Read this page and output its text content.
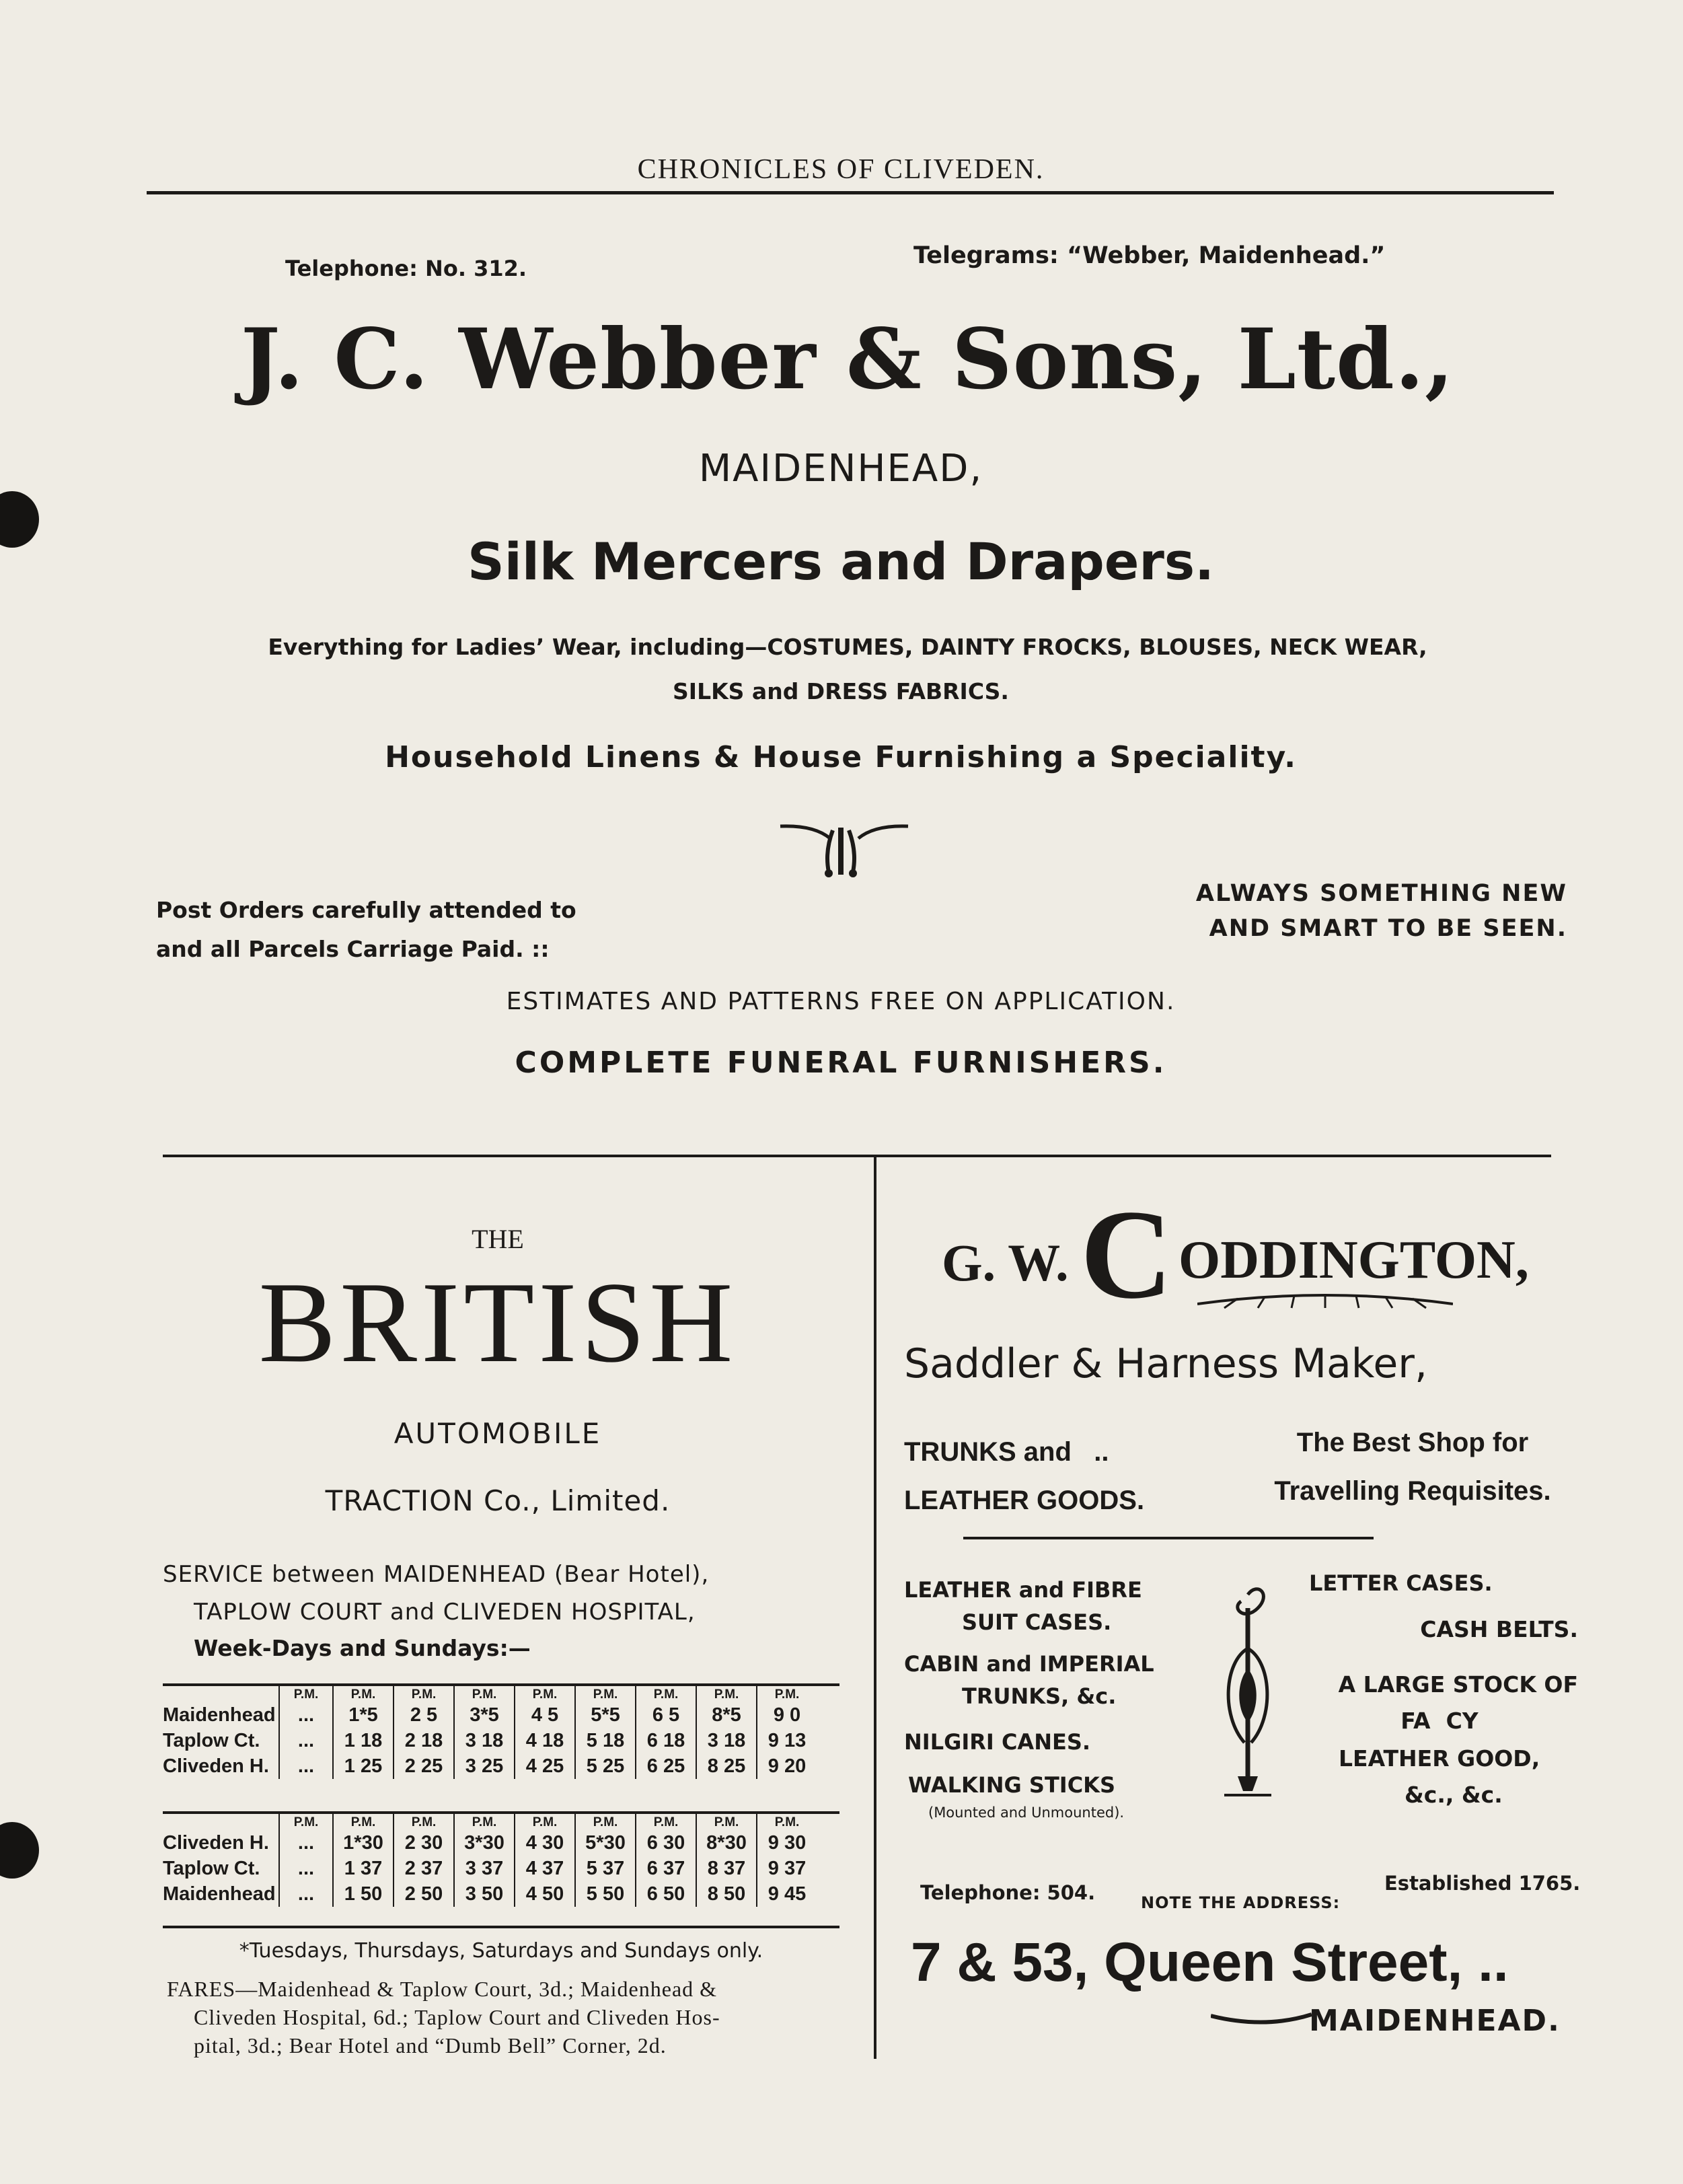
CHRONICLES OF CLIVEDEN.
Telephone: No. 312.	Telegrams: “Webber, Maidenhead.”
J. C. Webber & Sons, Ltd.,
MAIDENHEAD,
Silk Mercers and Drapers.
Everything for Ladies’ Wear, including—COSTUMES, DAINTY FROCKS, BLOUSES, NECK WEAR,
SILKS and DRESS FABRICS.
Household Linens & House Furnishing a Speciality.
Post Orders carefully attended to
and all Parcels Carriage Paid. ::
ALWAYS SOMETHING NEW
AND SMART TO BE SEEN.
ESTIMATES AND PATTERNS FREE ON APPLICATION.
COMPLETE FUNERAL FURNISHERS.
THE
BRITISH
AUTOMOBILE
TRACTION Co., Limited.
SERVICE between MAIDENHEAD (Bear Hotel),
TAPLOW COURT and CLIVEDEN HOSPITAL,
Week-Days and Sundays:—
	P.M.	P.M.	P.M.	P.M.	P.M.	P.M.	P.M.	P.M.	P.M.
Maidenhead	...	1*5	2 5	3*5	4 5	5*5	6 5	8*5	9 0
Taplow Ct.	...	1 18	2 18	3 18	4 18	5 18	6 18	3 18	9 13
Cliveden H.	...	1 25	2 25	3 25	4 25	5 25	6 25	8 25	9 20
	P.M.	P.M.	P.M.	P.M.	P.M.	P.M.	P.M.	P.M.	P.M.
Cliveden H.	...	1*30	2 30	3*30	4 30	5*30	6 30	8*30	9 30
Taplow Ct.	...	1 37	2 37	3 37	4 37	5 37	6 37	8 37	9 37
Maidenhead	...	1 50	2 50	3 50	4 50	5 50	6 50	8 50	9 45
*Tuesdays, Thursdays, Saturdays and Sundays only.
FARES—Maidenhead & Taplow Court, 3d.; Maidenhead &
Cliveden Hospital, 6d.; Taplow Court and Cliveden Hos-
pital, 3d.; Bear Hotel and “Dumb Bell” Corner, 2d.
G. W. C ODDINGTON,
Saddler & Harness Maker,
TRUNKS and   ..
LEATHER GOODS.
The Best Shop for
Travelling Requisites.
LEATHER and FIBRE
SUIT CASES.
CABIN and IMPERIAL
TRUNKS, &c.
NILGIRI CANES.
WALKING STICKS
(Mounted and Unmounted).
LETTER CASES.
CASH BELTS.
A LARGE STOCK OF
FA  CY
LEATHER GOOD,
&c., &c.
Telephone: 504.	Established 1765.
NOTE THE ADDRESS:
7 & 53, Queen Street, ..
MAIDENHEAD.
